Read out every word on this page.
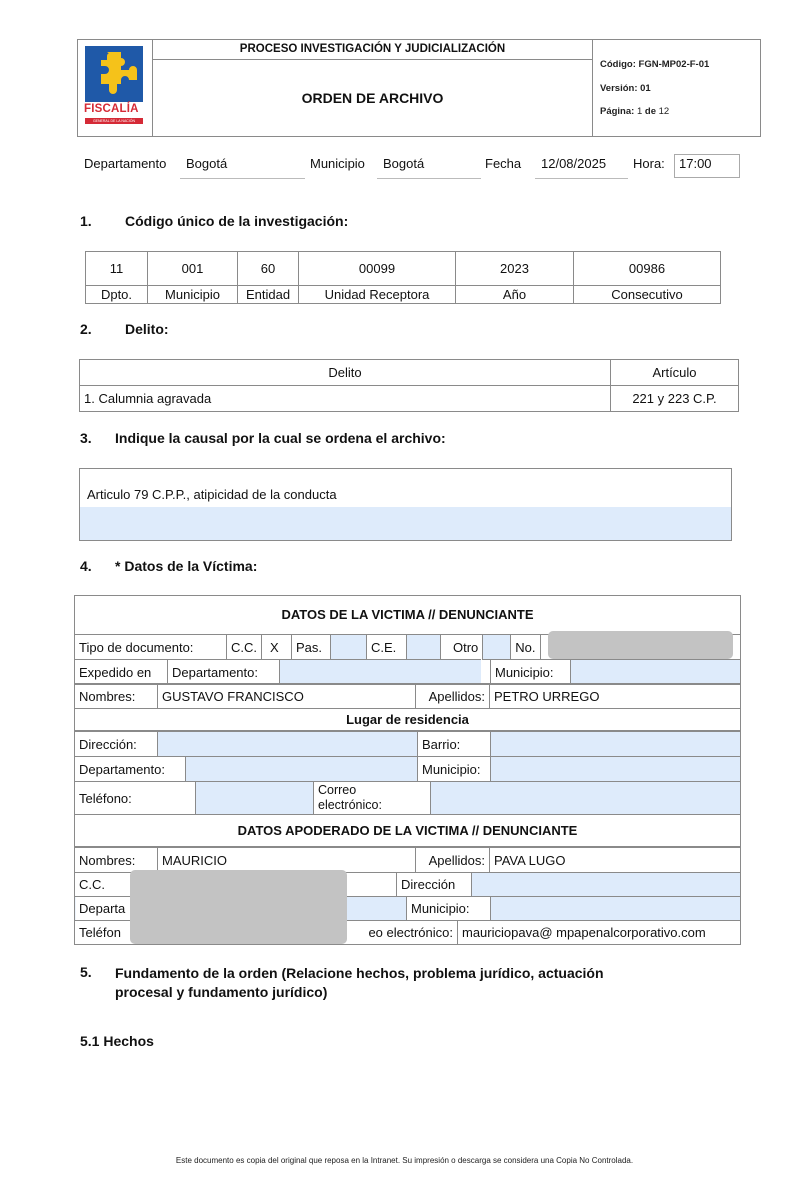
FISCALÍA
GENERAL DE LA NACIÓN
PROCESO INVESTIGACIÓN Y JUDICIALIZACIÓN
ORDEN DE ARCHIVO
Código: FGN-MP02-F-01
Versión: 01
Página: 1 de 12
Departamento	Bogotá	Municipio	Bogotá	Fecha	12/08/2025	Hora:	17:00
1. Código único de la investigación:
11	001	60	00099	2023	00986
Dpto.	Municipio	Entidad	Unidad Receptora	Año	Consecutivo
2. Delito:
Delito	Artículo
1. Calumnia agravada	221 y 223 C.P.
3. Indique la causal por la cual se ordena el archivo:
Articulo 79 C.P.P., atipicidad de la conducta
4. * Datos de la Víctima:
DATOS DE LA VICTIMA // DENUNCIANTE
Tipo de documento:	C.C.	X	Pas.		C.E.		Otro		No.	
Expedido en	Departamento:			Municipio:	
Nombres:	GUSTAVO FRANCISCO	Apellidos:	PETRO URREGO
Lugar de residencia
Dirección:		Barrio:	
Departamento:		Municipio:	
Teléfono:		Correo
electrónico:	
DATOS APODERADO DE LA VICTIMA // DENUNCIANTE
Nombres:	MAURICIO	Apellidos:	PAVA LUGO
C.C.	Dirección	
Departa	Municipio:	
Teléfon	eo electrónico:	mauriciopava@ mpapenalcorporativo.com
5. Fundamento de la orden (Relacione hechos, problema jurídico, actuación
procesal y fundamento jurídico)
5.1 Hechos
Este documento es copia del original que reposa en la Intranet. Su impresión o descarga se considera una Copia No Controlada.
